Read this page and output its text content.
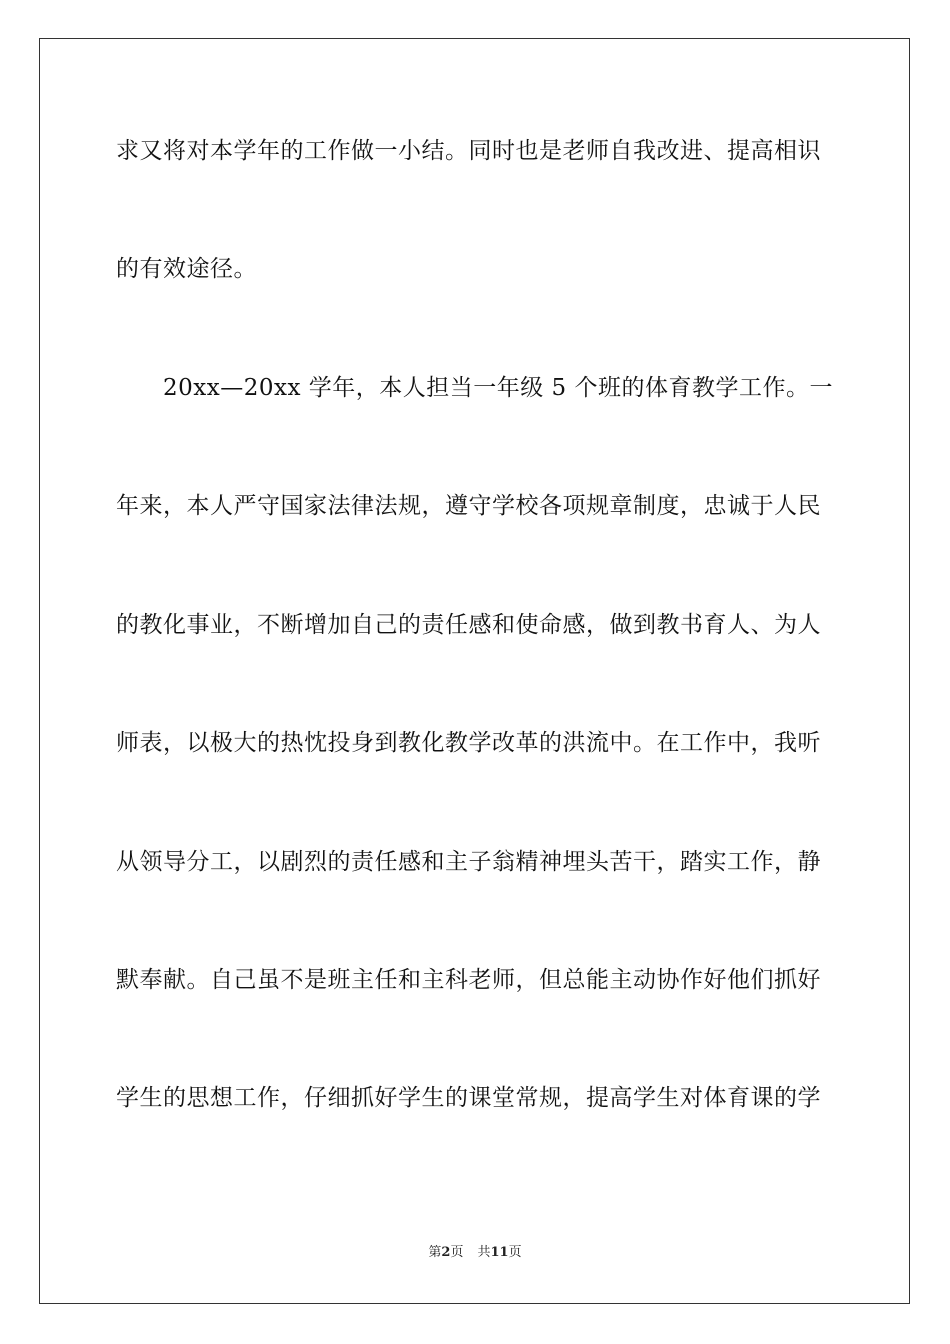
求又将对本学年的工作做一小结。同时也是老师自我改进、提高相识
的有效途径。
20xx—20xx 学年，本人担当一年级 5 个班的体育教学工作。一
年来，本人严守国家法律法规，遵守学校各项规章制度，忠诚于人民
的教化事业，不断增加自己的责任感和使命感，做到教书育人、为人
师表，以极大的热忱投身到教化教学改革的洪流中。在工作中，我听
从领导分工，以剧烈的责任感和主子翁精神埋头苦干，踏实工作，静
默奉献。自己虽不是班主任和主科老师，但总能主动协作好他们抓好
学生的思想工作，仔细抓好学生的课堂常规，提高学生对体育课的学
第2页 共11页
